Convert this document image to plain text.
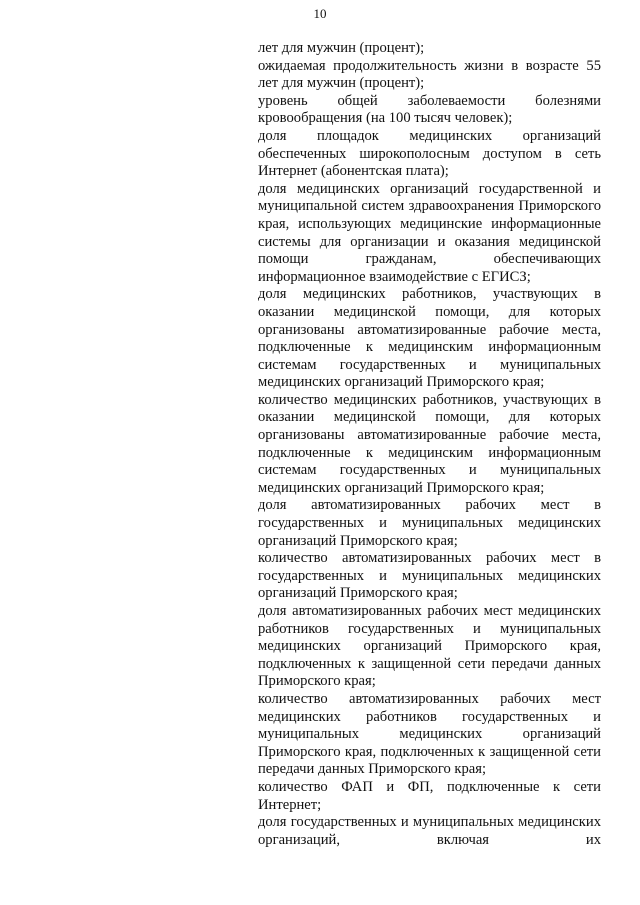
10

лет для мужчин (процент);

ожидаемая продолжительность жизни в возрасте 55 лет для мужчин (процент);

уровень общей заболеваемости болезнями кровообращения (на 100 тысяч человек);

доля площадок медицинских организаций обеспеченных широкополосным доступом в сеть Интернет (абонентская плата);

доля медицинских организаций государственной и муниципальной систем здравоохранения Приморского края, использующих медицинские информационные системы для организации и оказания медицинской помощи гражданам, обеспечивающих информационное взаимодействие с ЕГИСЗ;

доля медицинских работников, участвующих в оказании медицинской помощи, для которых организованы автоматизированные рабочие места, подключенные к медицинским информационным системам государственных и муниципальных медицинских организаций Приморского края;

количество медицинских работников, участвующих в оказании медицинской помощи, для которых организованы автоматизированные рабочие места, подключенные к медицинским информационным системам государственных и муниципальных медицинских организаций Приморского края;

доля автоматизированных рабочих мест в государственных и муниципальных медицинских организаций Приморского края;

количество автоматизированных рабочих мест в государственных и муниципальных медицинских организаций Приморского края;

доля автоматизированных рабочих мест медицинских работников государственных и муниципальных медицинских организаций Приморского края, подключенных к защищенной сети передачи данных Приморского края;

количество автоматизированных рабочих мест медицинских работников государственных и муниципальных медицинских организаций Приморского края, подключенных к защищенной сети передачи данных Приморского края;

количество ФАП и ФП, подключенные к сети Интернет;

доля государственных и муниципальных медицинских организаций, включая их
